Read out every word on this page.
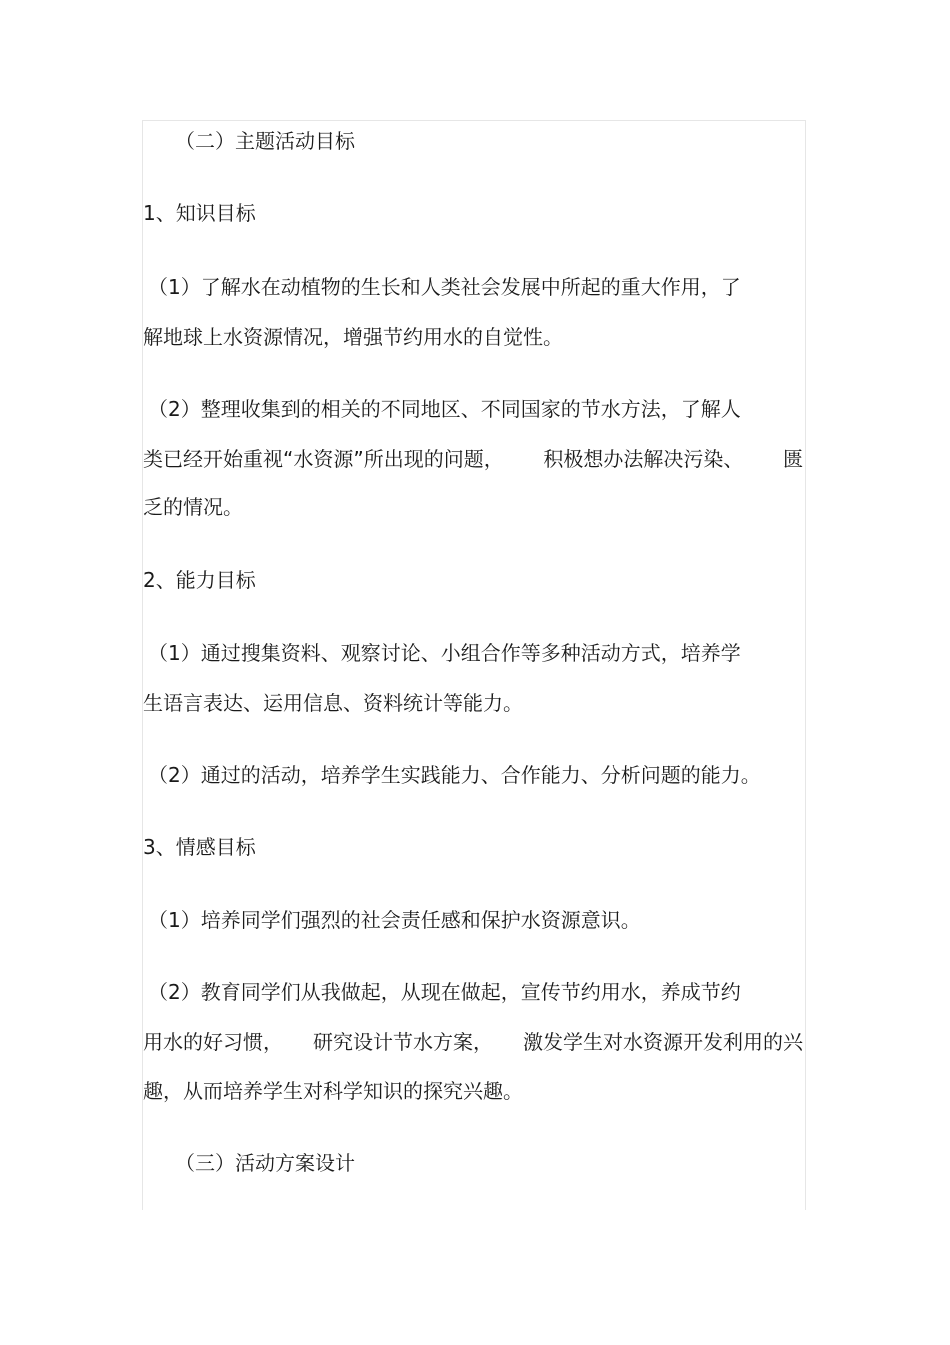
（二）主题活动目标
1、知识目标
（1）了解水在动植物的生长和人类社会发展中所起的重大作用，了
解地球上水资源情况，增强节约用水的自觉性。
（2）整理收集到的相关的不同地区、不同国家的节水方法，了解人
类已经开始重视“水资源”所出现的问题， 积极想办法解决污染、 匮
乏的情况。
2、能力目标
（1）通过搜集资料、观察讨论、小组合作等多种活动方式，培养学
生语言表达、运用信息、资料统计等能力。
（2）通过的活动，培养学生实践能力、合作能力、分析问题的能力。
3、情感目标
（1）培养同学们强烈的社会责任感和保护水资源意识。
（2）教育同学们从我做起，从现在做起，宣传节约用水，养成节约
用水的好习惯， 研究设计节水方案， 激发学生对水资源开发利用的兴
趣，从而培养学生对科学知识的探究兴趣。
（三）活动方案设计
